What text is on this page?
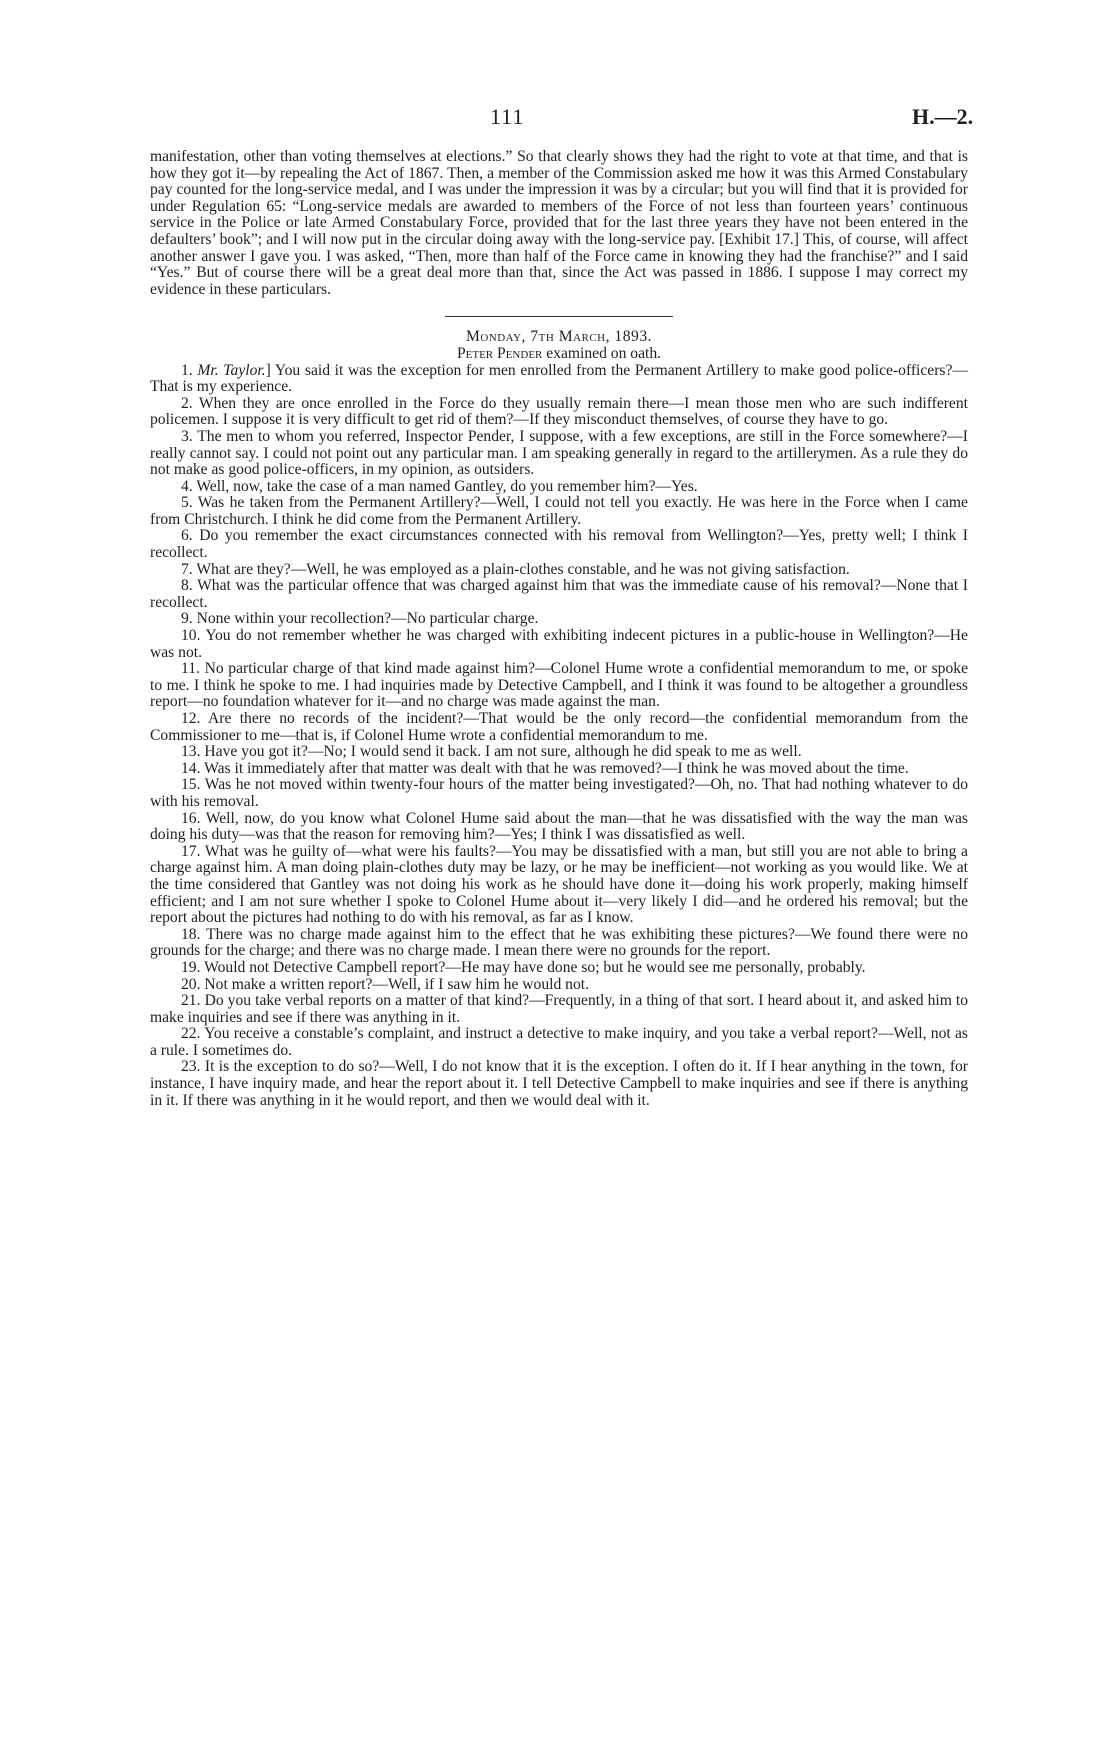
111	H.—2.

manifestation, other than voting themselves at elections.” So that clearly shows they had the right to vote at that time, and that is how they got it—by repealing the Act of 1867. Then, a member of the Commission asked me how it was this Armed Constabulary pay counted for the long-service medal, and I was under the impression it was by a circular; but you will find that it is provided for under Regulation 65: “Long-service medals are awarded to members of the Force of not less than fourteen years’ continuous service in the Police or late Armed Constabulary Force, provided that for the last three years they have not been entered in the defaulters’ book”; and I will now put in the circular doing away with the long-service pay. [Exhibit 17.] This, of course, will affect another answer I gave you. I was asked, “Then, more than half of the Force came in knowing they had the franchise?” and I said “Yes.” But of course there will be a great deal more than that, since the Act was passed in 1886. I suppose I may correct my evidence in these particulars.

Monday, 7th March, 1893.

Peter Pender examined on oath.

1. Mr. Taylor.] You said it was the exception for men enrolled from the Permanent Artillery to make good police-officers?—That is my experience.

2. When they are once enrolled in the Force do they usually remain there—I mean those men who are such indifferent policemen. I suppose it is very difficult to get rid of them?—If they misconduct themselves, of course they have to go.

3. The men to whom you referred, Inspector Pender, I suppose, with a few exceptions, are still in the Force somewhere?—I really cannot say. I could not point out any particular man. I am speaking generally in regard to the artillerymen. As a rule they do not make as good police-officers, in my opinion, as outsiders.

4. Well, now, take the case of a man named Gantley, do you remember him?—Yes.

5. Was he taken from the Permanent Artillery?—Well, I could not tell you exactly. He was here in the Force when I came from Christchurch. I think he did come from the Permanent Artillery.

6. Do you remember the exact circumstances connected with his removal from Wellington?—Yes, pretty well; I think I recollect.

7. What are they?—Well, he was employed as a plain-clothes constable, and he was not giving satisfaction.

8. What was the particular offence that was charged against him that was the immediate cause of his removal?—None that I recollect.

9. None within your recollection?—No particular charge.

10. You do not remember whether he was charged with exhibiting indecent pictures in a public-house in Wellington?—He was not.

11. No particular charge of that kind made against him?—Colonel Hume wrote a confidential memorandum to me, or spoke to me. I think he spoke to me. I had inquiries made by Detective Campbell, and I think it was found to be altogether a groundless report—no foundation whatever for it—and no charge was made against the man.

12. Are there no records of the incident?—That would be the only record—the confidential memorandum from the Commissioner to me—that is, if Colonel Hume wrote a confidential memorandum to me.

13. Have you got it?—No; I would send it back. I am not sure, although he did speak to me as well.

14. Was it immediately after that matter was dealt with that he was removed?—I think he was moved about the time.

15. Was he not moved within twenty-four hours of the matter being investigated?—Oh, no. That had nothing whatever to do with his removal.

16. Well, now, do you know what Colonel Hume said about the man—that he was dissatisfied with the way the man was doing his duty—was that the reason for removing him?—Yes; I think I was dissatisfied as well.

17. What was he guilty of—what were his faults?—You may be dissatisfied with a man, but still you are not able to bring a charge against him. A man doing plain-clothes duty may be lazy, or he may be inefficient—not working as you would like. We at the time considered that Gantley was not doing his work as he should have done it—doing his work properly, making himself efficient; and I am not sure whether I spoke to Colonel Hume about it—very likely I did—and he ordered his removal; but the report about the pictures had nothing to do with his removal, as far as I know.

18. There was no charge made against him to the effect that he was exhibiting these pictures?—We found there were no grounds for the charge; and there was no charge made. I mean there were no grounds for the report.

19. Would not Detective Campbell report?—He may have done so; but he would see me personally, probably.

20. Not make a written report?—Well, if I saw him he would not.

21. Do you take verbal reports on a matter of that kind?—Frequently, in a thing of that sort. I heard about it, and asked him to make inquiries and see if there was anything in it.

22. You receive a constable’s complaint, and instruct a detective to make inquiry, and you take a verbal report?—Well, not as a rule. I sometimes do.

23. It is the exception to do so?—Well, I do not know that it is the exception. I often do it. If I hear anything in the town, for instance, I have inquiry made, and hear the report about it. I tell Detective Campbell to make inquiries and see if there is anything in it. If there was anything in it he would report, and then we would deal with it.
